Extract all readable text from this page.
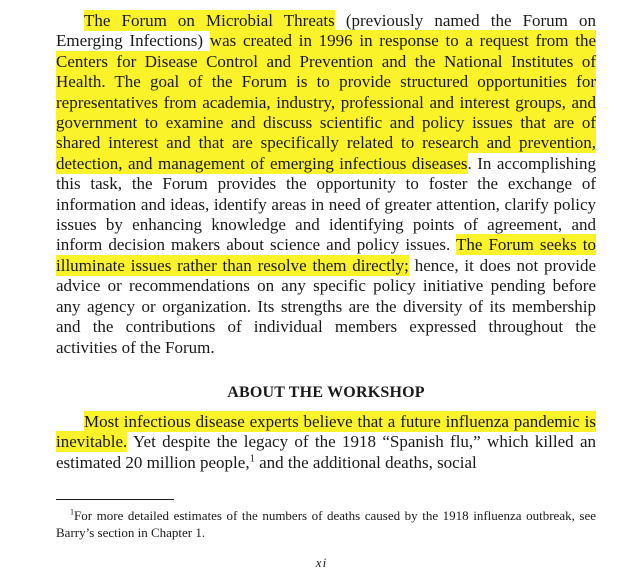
The Forum on Microbial Threats (previously named the Forum on Emerging Infections) was created in 1996 in response to a request from the Centers for Disease Control and Prevention and the National Institutes of Health. The goal of the Forum is to provide structured opportunities for representatives from academia, industry, professional and interest groups, and government to examine and discuss scientific and policy issues that are of shared interest and that are specifically related to research and prevention, detection, and management of emerging infectious diseases. In accomplishing this task, the Forum provides the opportunity to foster the exchange of information and ideas, identify areas in need of greater attention, clarify policy issues by enhancing knowledge and identifying points of agreement, and inform decision makers about science and policy issues. The Forum seeks to illuminate issues rather than resolve them directly; hence, it does not provide advice or recommendations on any specific policy initiative pending before any agency or organization. Its strengths are the diversity of its membership and the contributions of individual members expressed throughout the activities of the Forum.

ABOUT THE WORKSHOP

Most infectious disease experts believe that a future influenza pandemic is inevitable. Yet despite the legacy of the 1918 “Spanish flu,” which killed an estimated 20 million people,$^1$ and the additional deaths, social

$^1$For more detailed estimates of the numbers of deaths caused by the 1918 influenza outbreak, see Barry’s section in Chapter 1.

xi
